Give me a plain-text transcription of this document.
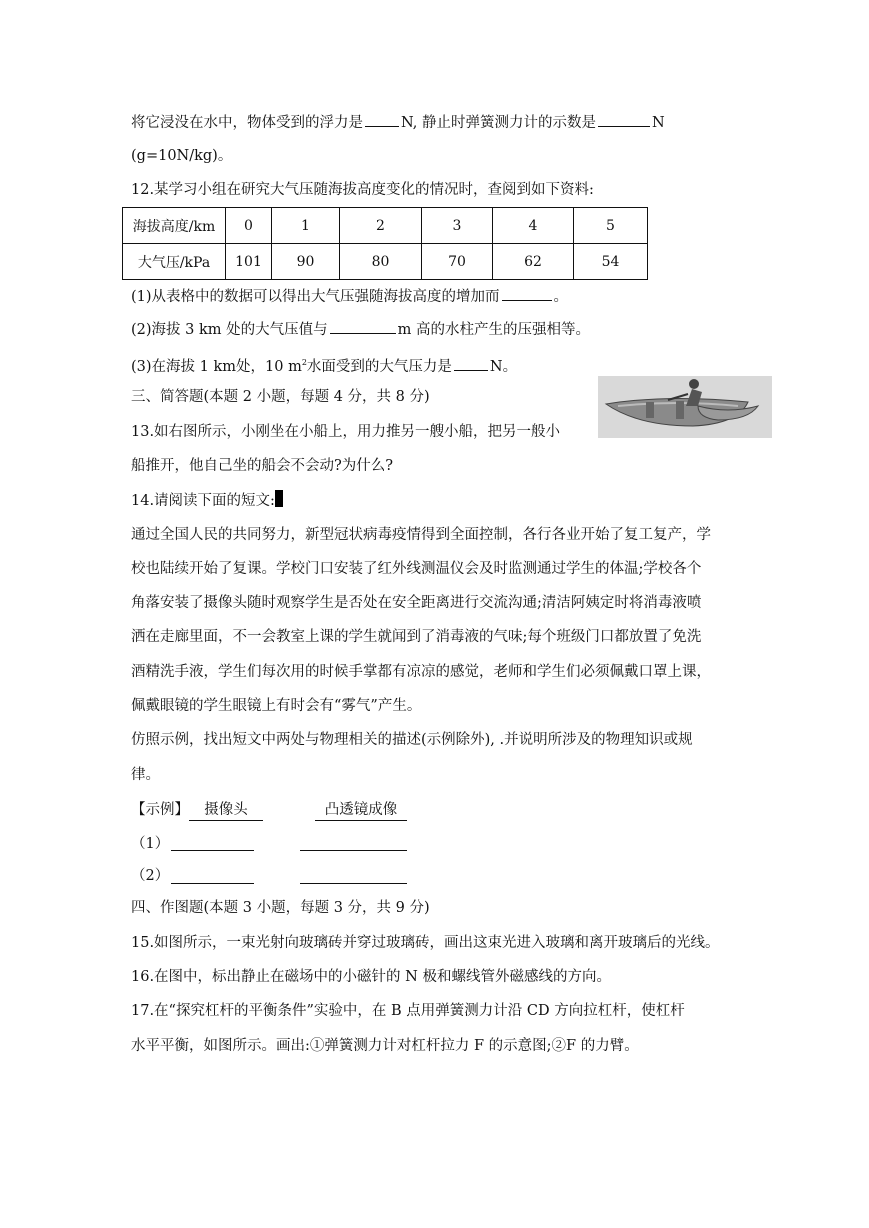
将它浸没在水中，物体受到的浮力是	N, 静止时弹簧测力计的示数是	N
(g=10N/kg)。
12.某学习小组在研究大气压随海拔高度变化的情况时，查阅到如下资料:
海拔高度/km	0	1	2	3	4	5
大气压/kPa	101	90	80	70	62	54
(1)从表格中的数据可以得出大气压强随海拔高度的增加而	。
(2)海拔 3 km 处的大气压值与	m 高的水柱产生的压强相等。
(3)在海拔 1 km处，10 $m^2$水面受到的大气压力是	N。
三、简答题(本题 2 小题，每题 4 分，共 8 分)
13.如右图所示，小刚坐在小船上，用力推另一艘小船，把另一般小
船推开，他自己坐的船会不会动?为什么?
14.请阅读下面的短文:
通过全国人民的共同努力，新型冠状病毒疫情得到全面控制，各行各业开始了复工复产，学
校也陆续开始了复课。学校门口安装了红外线测温仪会及时监测通过学生的体温;学校各个
角落安装了摄像头随时观察学生是否处在安全距离进行交流沟通;清洁阿姨定时将消毒液喷
洒在走廊里面，不一会教室上课的学生就闻到了消毒液的气味;每个班级门口都放置了免洗
酒精洗手液，学生们每次用的时候手掌都有凉凉的感觉，老师和学生们必须佩戴口罩上课，
佩戴眼镜的学生眼镜上有时会有“雾气”产生。
仿照示例，找出短文中两处与物理相关的描述(示例除外), .并说明所涉及的物理知识或规
律。
【示例】 摄像头	凸透镜成像
（1）
（2）
四、作图题(本题 3 小题，每题 3 分，共 9 分)
15.如图所示，一束光射向玻璃砖并穿过玻璃砖，画出这束光进入玻璃和离开玻璃后的光线。
16.在图中，标出静止在磁场中的小磁针的 N 极和螺线管外磁感线的方向。
17.在“探究杠杆的平衡条件”实验中，在 B 点用弹簧测力计沿 CD 方向拉杠杆，使杠杆
水平平衡，如图所示。画出:①弹簧测力计对杠杆拉力 F 的示意图;②F 的力臂。
